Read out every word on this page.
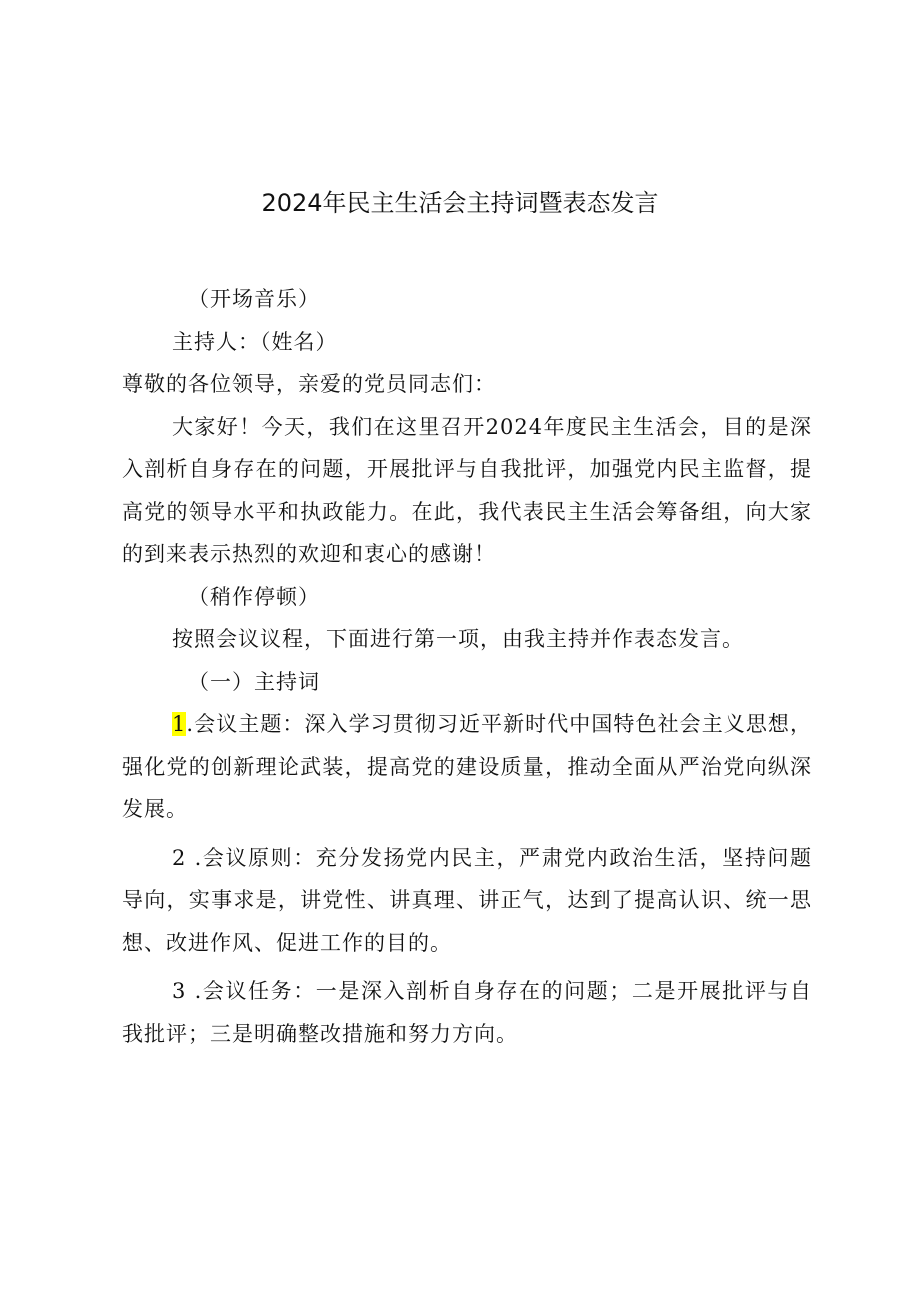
2024年民主生活会主持词暨表态发言

（开场音乐）

主持人：（姓名）

尊敬的各位领导，亲爱的党员同志们：

大家好！今天，我们在这里召开2024年度民主生活会，目的是深入剖析自身存在的问题，开展批评与自我批评，加强党内民主监督，提高党的领导水平和执政能力。在此，我代表民主生活会筹备组，向大家的到来表示热烈的欢迎和衷心的感谢！

（稍作停顿）

按照会议议程，下面进行第一项，由我主持并作表态发言。

（一）主持词

1.会议主题：深入学习贯彻习近平新时代中国特色社会主义思想，强化党的创新理论武装，提高党的建设质量，推动全面从严治党向纵深发展。

2 .会议原则：充分发扬党内民主，严肃党内政治生活，坚持问题导向，实事求是，讲党性、讲真理、讲正气，达到了提高认识、统一思想、改进作风、促进工作的目的。

3 .会议任务：一是深入剖析自身存在的问题；二是开展批评与自我批评；三是明确整改措施和努力方向。
